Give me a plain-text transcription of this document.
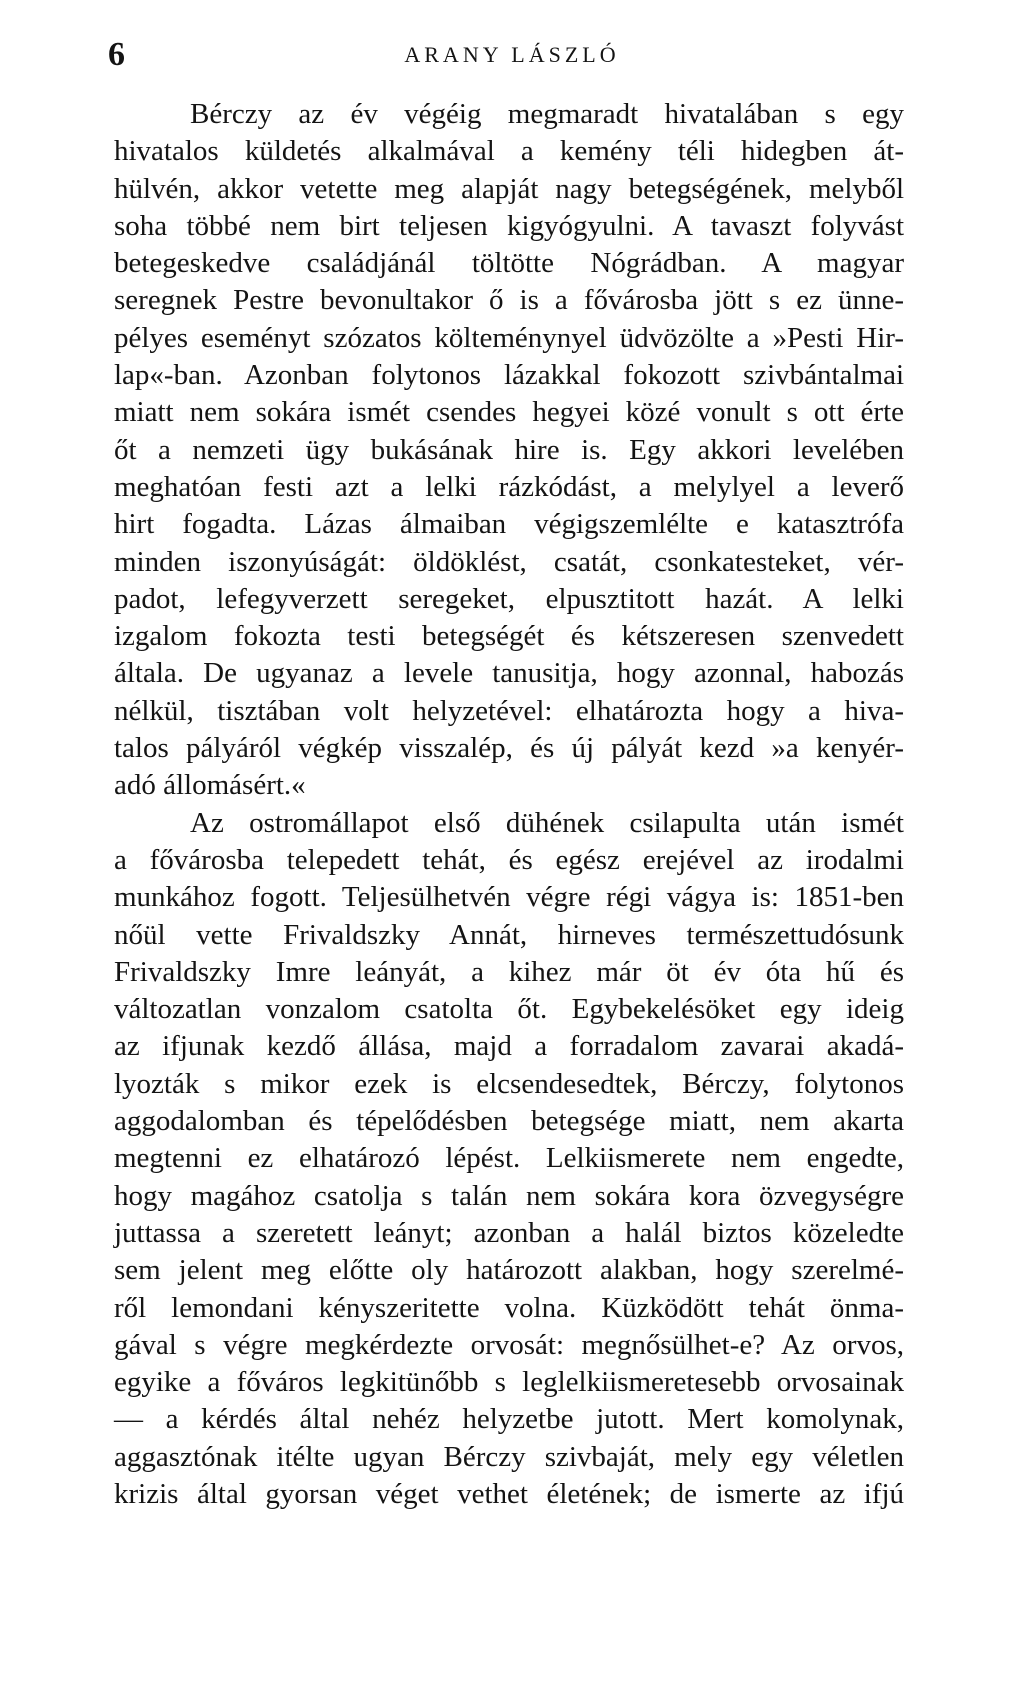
6	ARANY LÁSZLÓ
Bérczy az év végéig megmaradt hivatalában s egy
hivatalos küldetés alkalmával a kemény téli hidegben át-
hülvén, akkor vetette meg alapját nagy betegségének, melyből
soha többé nem birt teljesen kigyógyulni. A tavaszt folyvást
betegeskedve családjánál töltötte Nógrádban. A magyar
seregnek Pestre bevonultakor ő is a fővárosba jött s ez ünne-
pélyes eseményt szózatos költeménynyel üdvözölte a »Pesti Hir-
lap«-ban. Azonban folytonos lázakkal fokozott szivbántalmai
miatt nem sokára ismét csendes hegyei közé vonult s ott érte
őt a nemzeti ügy bukásának hire is. Egy akkori levelében
meghatóan festi azt a lelki rázkódást, a melylyel a leverő
hirt fogadta. Lázas álmaiban végigszemlélte e katasztrófa
minden iszonyúságát: öldöklést, csatát, csonkatesteket, vér-
padot, lefegyverzett seregeket, elpusztitott hazát. A lelki
izgalom fokozta testi betegségét és kétszeresen szenvedett
általa. De ugyanaz a levele tanusitja, hogy azonnal, habozás
nélkül, tisztában volt helyzetével: elhatározta hogy a hiva-
talos pályáról végkép visszalép, és új pályát kezd »a kenyér-
adó állomásért.«
Az ostromállapot első dühének csilapulta után ismét
a fővárosba telepedett tehát, és egész erejével az irodalmi
munkához fogott. Teljesülhetvén végre régi vágya is: 1851-ben
nőül vette Frivaldszky Annát, hirneves természettudósunk
Frivaldszky Imre leányát, a kihez már öt év óta hű és
változatlan vonzalom csatolta őt. Egybekelésöket egy ideig
az ifjunak kezdő állása, majd a forradalom zavarai akadá-
lyozták s mikor ezek is elcsendesedtek, Bérczy, folytonos
aggodalomban és tépelődésben betegsége miatt, nem akarta
megtenni ez elhatározó lépést. Lelkiismerete nem engedte,
hogy magához csatolja s talán nem sokára kora özvegységre
juttassa a szeretett leányt; azonban a halál biztos közeledte
sem jelent meg előtte oly határozott alakban, hogy szerelmé-
ről lemondani kényszeritette volna. Küzködött tehát önma-
gával s végre megkérdezte orvosát: megnősülhet-e? Az orvos,
egyike a főváros legkitünőbb s leglelkiismeretesebb orvosainak
— a kérdés által nehéz helyzetbe jutott. Mert komolynak,
aggasztónak itélte ugyan Bérczy szivbaját, mely egy véletlen
krizis által gyorsan véget vethet életének; de ismerte az ifjú
